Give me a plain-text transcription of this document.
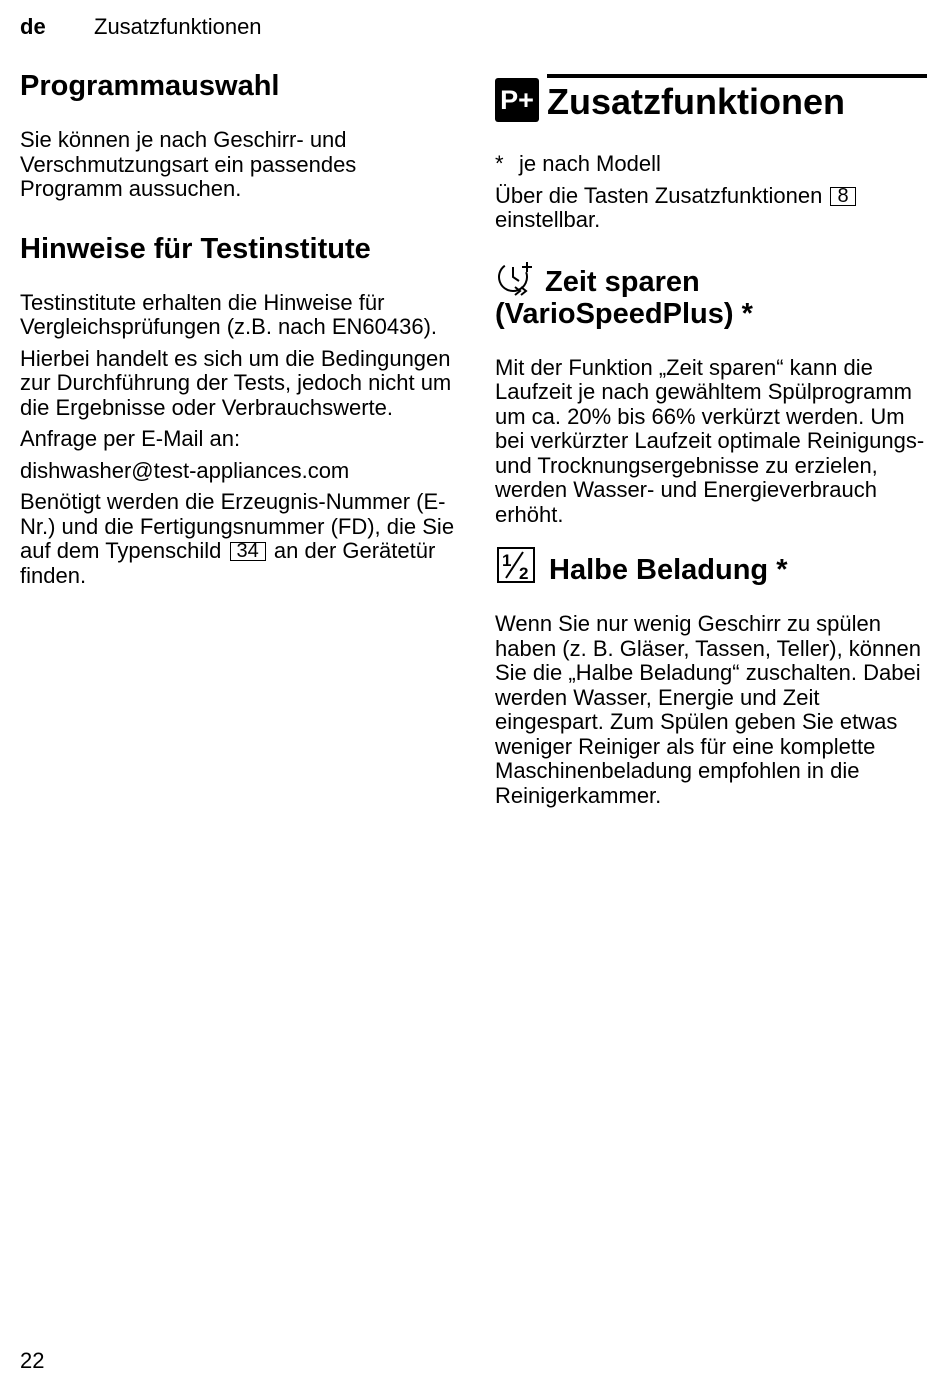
de Zusatzfunktionen
Programmauswahl

Sie können je nach Geschirr- und Verschmutzungsart ein passendes Programm aussuchen.

Hinweise für Testinstitute

Testinstitute erhalten die Hinweise für Vergleichsprüfungen (z.B. nach EN60436).

Hierbei handelt es sich um die Bedingungen zur Durchführung der Tests, jedoch nicht um die Ergebnisse oder Verbrauchswerte.

Anfrage per E-Mail an:

dishwasher@test-appliances.com

Benötigt werden die Erzeugnis-Nummer (E-Nr.) und die Fertigungsnummer (FD), die Sie auf dem Typenschild 34 an der Gerätetür finden.

P+ Zusatzfunktionen

* je nach Modell

Über die Tasten Zusatzfunktionen 8 einstellbar.

Zeit sparen (VarioSpeedPlus) *

Mit der Funktion „Zeit sparen“ kann die Laufzeit je nach gewähltem Spülprogramm um ca. 20% bis 66% verkürzt werden. Um bei verkürzter Laufzeit optimale Reinigungs- und Trocknungsergebnisse zu erzielen, werden Wasser- und Energieverbrauch erhöht.

1
2 Halbe Beladung *

Wenn Sie nur wenig Geschirr zu spülen haben (z. B. Gläser, Tassen, Teller), können Sie die „Halbe Beladung“ zuschalten. Dabei werden Wasser, Energie und Zeit eingespart. Zum Spülen geben Sie etwas weniger Reiniger als für eine komplette Maschinenbeladung empfohlen in die Reinigerkammer.

22
